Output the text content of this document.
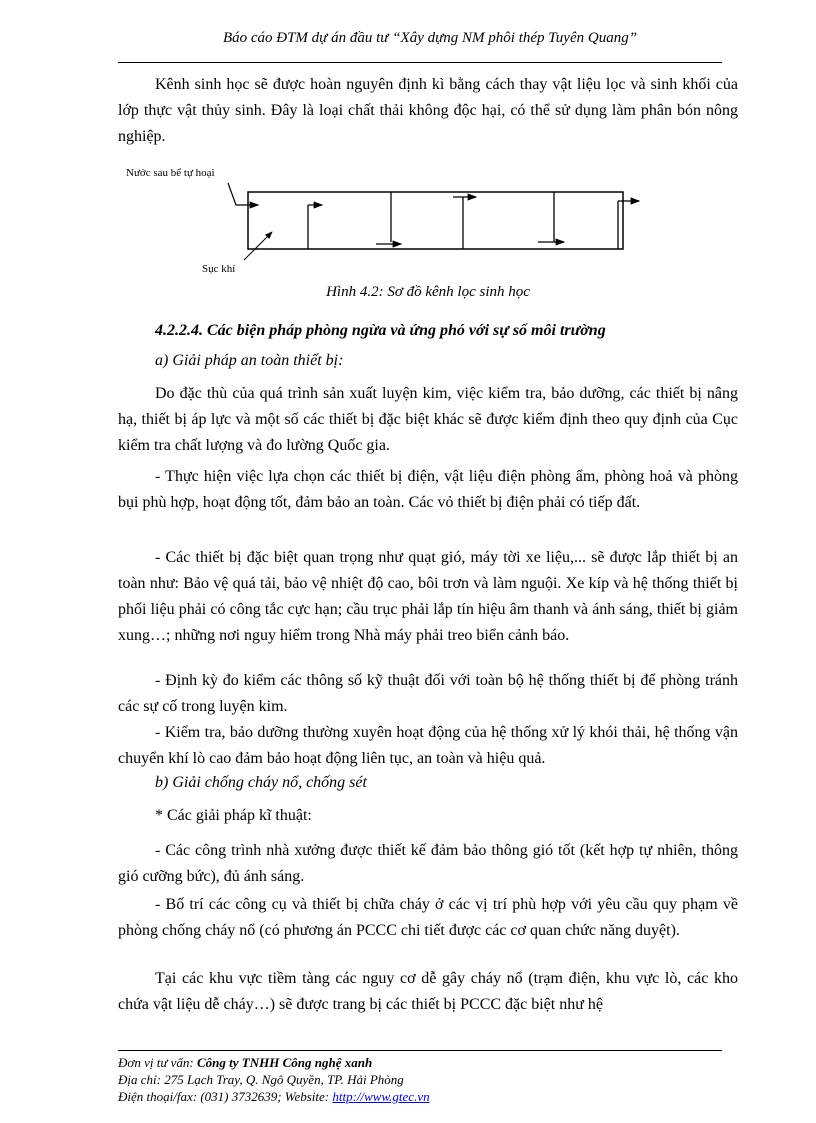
Báo cáo ĐTM dự án đầu tư “Xây dựng NM phôi thép Tuyên Quang”

Kênh sinh học sẽ được hoàn nguyên định kì bằng cách thay vật liệu lọc và sinh khối của lớp thực vật thủy sinh. Đây là loại chất thải không độc hại, có thể sử dụng làm phân bón nông nghiệp.

Nước sau bể tự hoại
Sục khí
Hình 4.2: Sơ đồ kênh lọc sinh học
4.2.2.4. Các biện pháp phòng ngừa và ứng phó với sự số môi trường
a) Giải pháp an toàn thiết bị:

Do đặc thù của quá trình sản xuất luyện kim, việc kiểm tra, bảo dưỡng, các thiết bị nâng hạ, thiết bị áp lực và một số các thiết bị đặc biệt khác sẽ được kiểm định theo quy định của Cục kiểm tra chất lượng và đo lường Quốc gia.

- Thực hiện việc lựa chọn các thiết bị điện, vật liệu điện phòng ẩm, phòng hoả và phòng bụi phù hợp, hoạt động tốt, đảm bảo an toàn. Các vỏ thiết bị điện phải có tiếp đất.

- Các thiết bị đặc biệt quan trọng như quạt gió, máy tời xe liệu,... sẽ được lắp thiết bị an toàn như: Bảo vệ quá tải, bảo vệ nhiệt độ cao, bôi trơn và làm nguội. Xe kíp và hệ thống thiết bị phối liệu phải có công tắc cực hạn; cầu trục phải lắp tín hiệu âm thanh và ánh sáng, thiết bị giảm xung…; những nơi nguy hiểm trong Nhà máy phải treo biển cảnh báo.

- Định kỳ đo kiểm các thông số kỹ thuật đối với toàn bộ hệ thống thiết bị để phòng tránh các sự cố trong luyện kim.

- Kiểm tra, bảo dưỡng thường xuyên hoạt động của hệ thống xử lý khói thải, hệ thống vận chuyển khí lò cao đảm bảo hoạt động liên tục, an toàn và hiệu quả.

b) Giải chống cháy nổ, chống sét

* Các giải pháp kĩ thuật:

- Các công trình nhà xưởng được thiết kế đảm bảo thông gió tốt (kết hợp tự nhiên, thông gió cưỡng bức), đủ ánh sáng.

- Bố trí các công cụ và thiết bị chữa cháy ở các vị trí phù hợp với yêu cầu quy phạm về phòng chống cháy nổ (có phương án PCCC chi tiết được các cơ quan chức năng duyệt).

Tại các khu vực tiềm tàng các nguy cơ dễ gây cháy nổ (trạm điện, khu vực lò, các kho chứa vật liệu dễ cháy…) sẽ được trang bị các thiết bị PCCC đặc biệt như hệ

Đơn vị tư vấn: Công ty TNHH Công nghệ xanh
Địa chỉ: 275 Lạch Tray, Q. Ngô Quyền, TP. Hải Phòng
Điện thoại/fax: (031) 3732639; Website: http://www.gtec.vn
